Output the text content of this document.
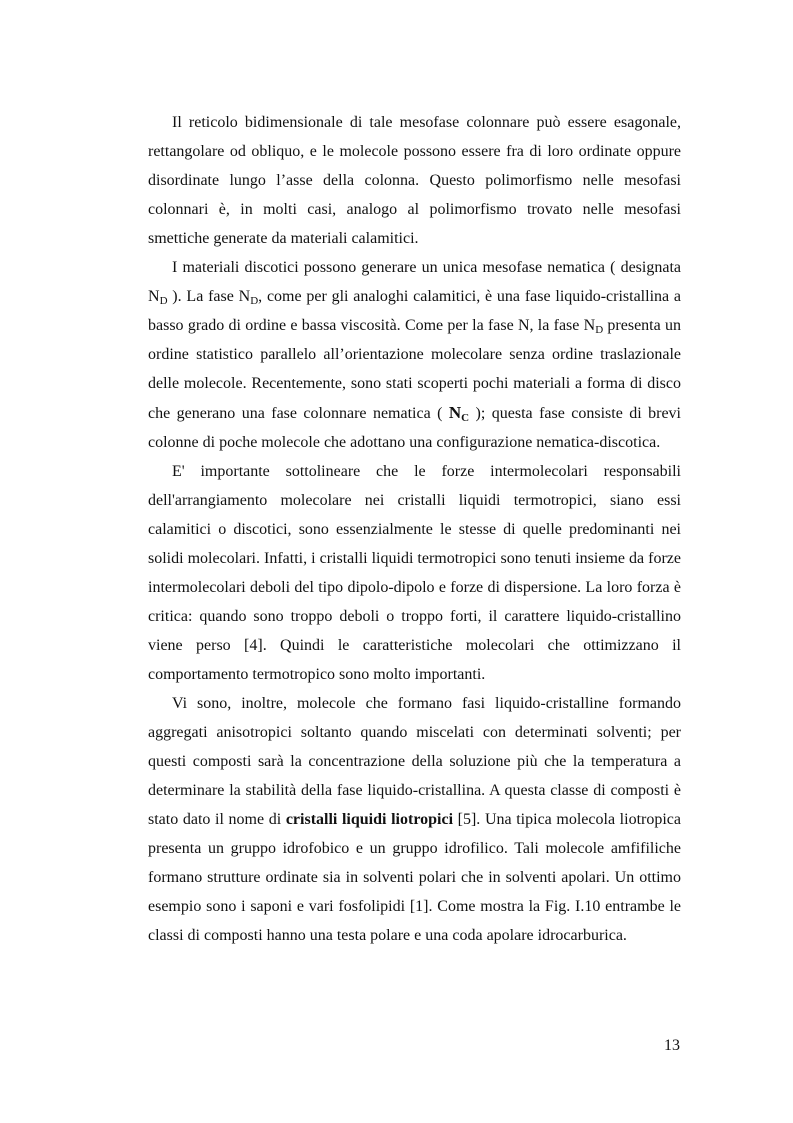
Il reticolo bidimensionale di tale mesofase colonnare può essere esagonale, rettangolare od obliquo, e le molecole possono essere fra di loro ordinate oppure disordinate lungo l’asse della colonna. Questo polimorfismo nelle mesofasi colonnari è, in molti casi, analogo al polimorfismo trovato nelle mesofasi smettiche generate da materiali calamitici.

I materiali discotici possono generare un unica mesofase nematica ( designata $N_D$ ). La fase $N_D$, come per gli analoghi calamitici, è una fase liquido-cristallina a basso grado di ordine e bassa viscosità. Come per la fase N, la fase $N_D$ presenta un ordine statistico parallelo all’orientazione molecolare senza ordine traslazionale delle molecole. Recentemente, sono stati scoperti pochi materiali a forma di disco che generano una fase colonnare nematica ( $N_C$ ); questa fase consiste di brevi colonne di poche molecole che adottano una configurazione nematica-discotica.

E' importante sottolineare che le forze intermolecolari responsabili dell'arrangiamento molecolare nei cristalli liquidi termotropici, siano essi calamitici o discotici, sono essenzialmente le stesse di quelle predominanti nei solidi molecolari. Infatti, i cristalli liquidi termotropici sono tenuti insieme da forze intermolecolari deboli del tipo dipolo-dipolo e forze di dispersione. La loro forza è critica: quando sono troppo deboli o troppo forti, il carattere liquido-cristallino viene perso [4]. Quindi le caratteristiche molecolari che ottimizzano il comportamento termotropico sono molto importanti.

Vi sono, inoltre, molecole che formano fasi liquido-cristalline formando aggregati anisotropici soltanto quando miscelati con determinati solventi; per questi composti sarà la concentrazione della soluzione più che la temperatura a determinare la stabilità della fase liquido-cristallina. A questa classe di composti è stato dato il nome di cristalli liquidi liotropici [5]. Una tipica molecola liotropica presenta un gruppo idrofobico e un gruppo idrofilico. Tali molecole amfifiliche formano strutture ordinate sia in solventi polari che in solventi apolari. Un ottimo esempio sono i saponi e vari fosfolipidi [1]. Come mostra la Fig. I.10 entrambe le classi di composti hanno una testa polare e una coda apolare idrocarburica.

13
